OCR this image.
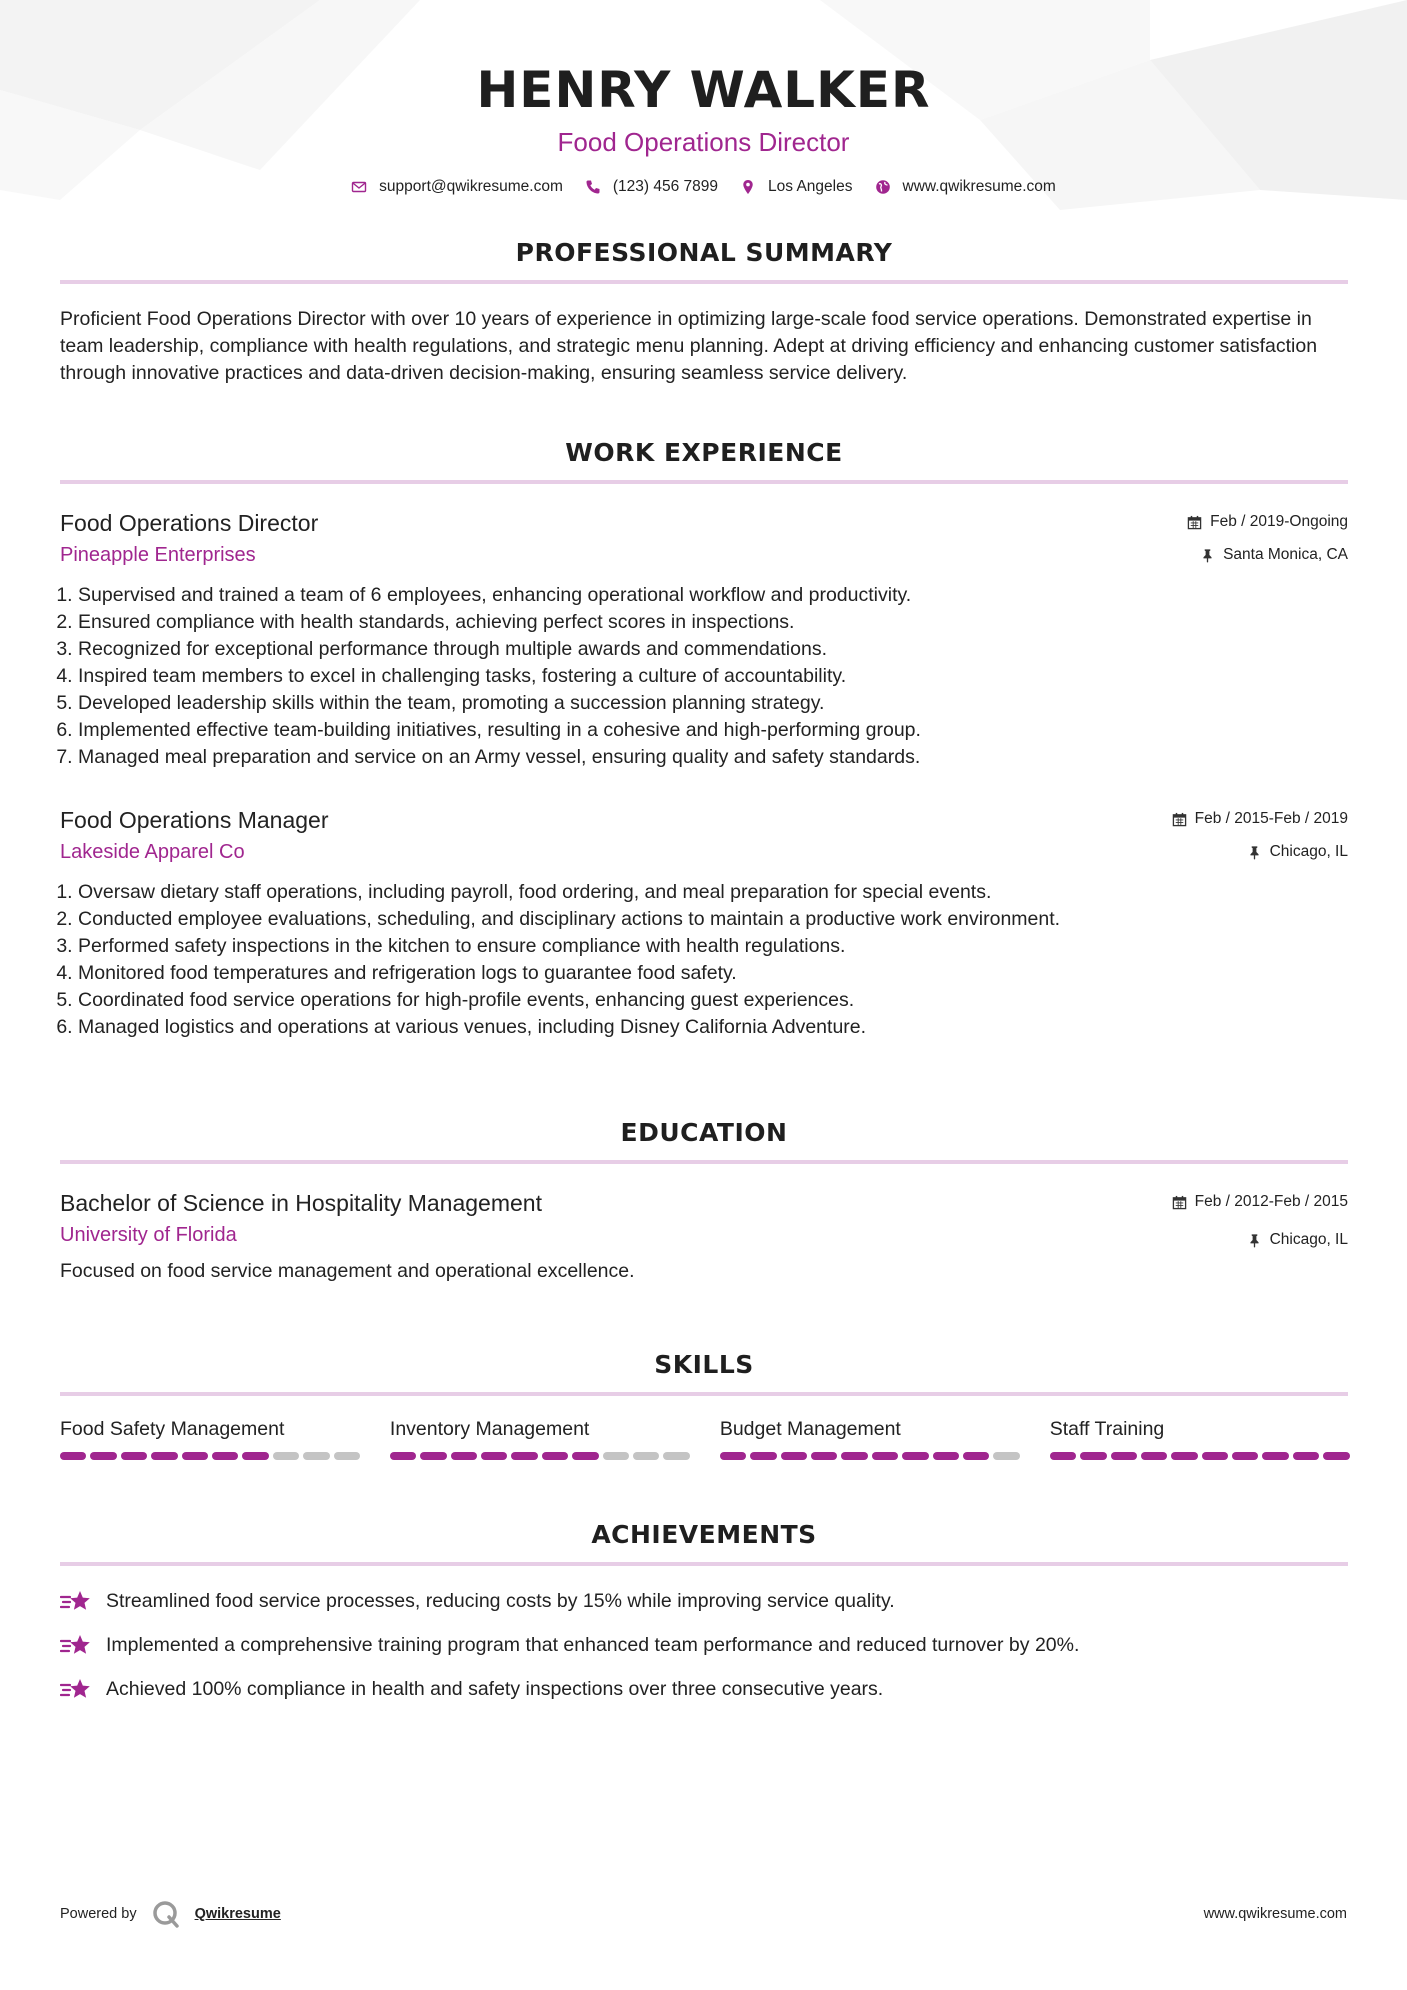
HENRY WALKER
Food Operations Director
support@qwikresume.com	(123) 456 7899	Los Angeles	www.qwikresume.com
PROFESSIONAL SUMMARY
Proficient Food Operations Director with over 10 years of experience in optimizing large-scale food service operations. Demonstrated expertise in team leadership, compliance with health regulations, and strategic menu planning. Adept at driving efficiency and enhancing customer satisfaction through innovative practices and data-driven decision-making, ensuring seamless service delivery.
WORK EXPERIENCE
Food Operations Director
Pineapple Enterprises
Feb / 2019-Ongoing
Santa Monica, CA
1. Supervised and trained a team of 6 employees, enhancing operational workflow and productivity.
2. Ensured compliance with health standards, achieving perfect scores in inspections.
3. Recognized for exceptional performance through multiple awards and commendations.
4. Inspired team members to excel in challenging tasks, fostering a culture of accountability.
5. Developed leadership skills within the team, promoting a succession planning strategy.
6. Implemented effective team-building initiatives, resulting in a cohesive and high-performing group.
7. Managed meal preparation and service on an Army vessel, ensuring quality and safety standards.
Food Operations Manager
Lakeside Apparel Co
Feb / 2015-Feb / 2019
Chicago, IL
1. Oversaw dietary staff operations, including payroll, food ordering, and meal preparation for special events.
2. Conducted employee evaluations, scheduling, and disciplinary actions to maintain a productive work environment.
3. Performed safety inspections in the kitchen to ensure compliance with health regulations.
4. Monitored food temperatures and refrigeration logs to guarantee food safety.
5. Coordinated food service operations for high-profile events, enhancing guest experiences.
6. Managed logistics and operations at various venues, including Disney California Adventure.
EDUCATION
Bachelor of Science in Hospitality Management
University of Florida
Feb / 2012-Feb / 2015
Chicago, IL
Focused on food service management and operational excellence.
SKILLS
Food Safety Management	Inventory Management	Budget Management	Staff Training
ACHIEVEMENTS
Streamlined food service processes, reducing costs by 15% while improving service quality.
Implemented a comprehensive training program that enhanced team performance and reduced turnover by 20%.
Achieved 100% compliance in health and safety inspections over three consecutive years.
Powered by	Qwikresume	www.qwikresume.com
